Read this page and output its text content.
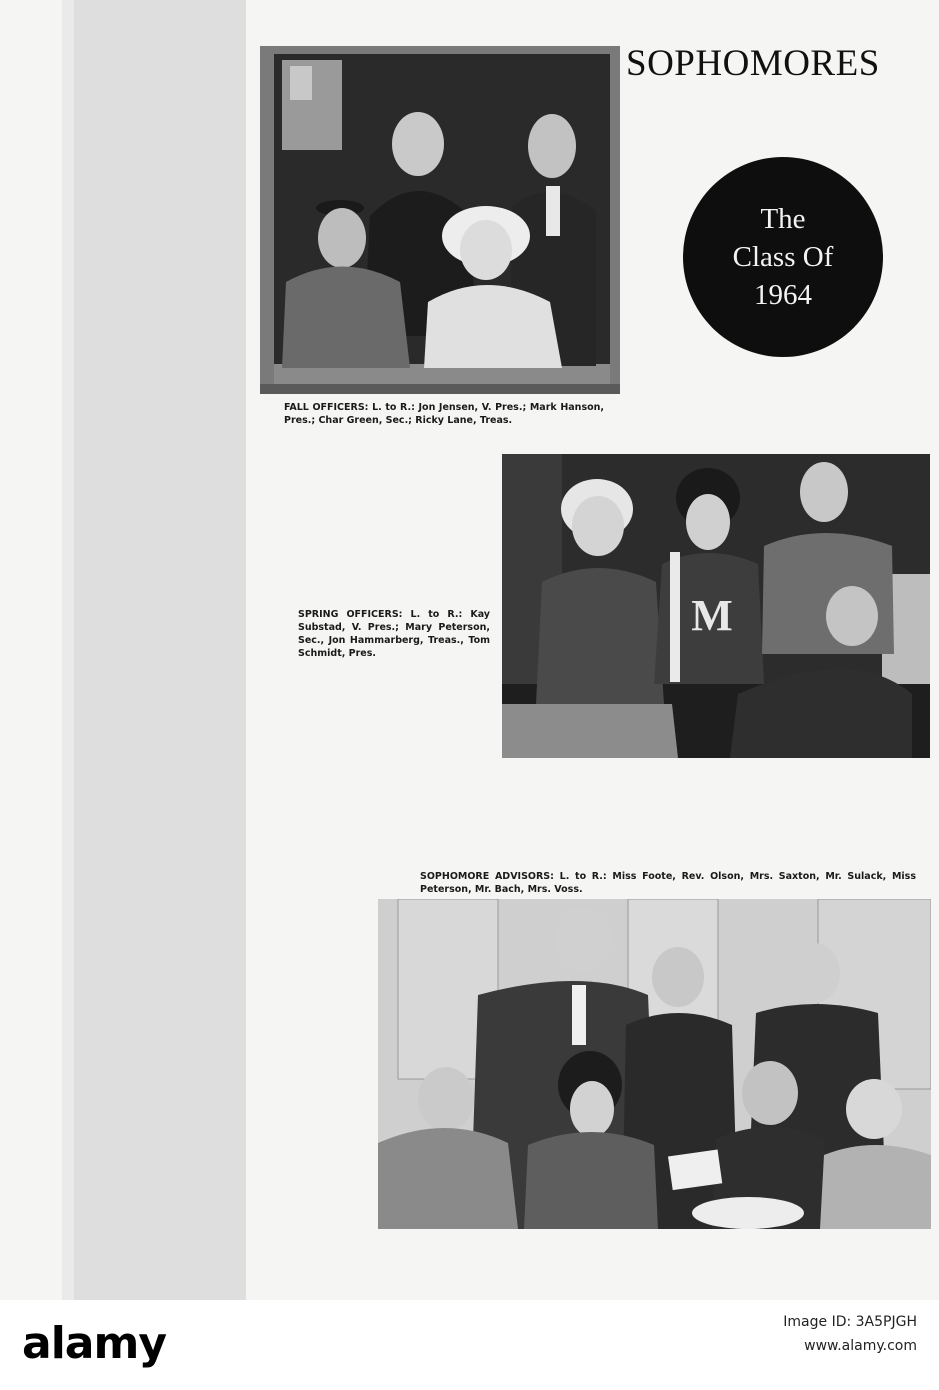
SOPHOMORES
The
Class Of
1964
FALL OFFICERS: L. to R.: Jon Jensen, V. Pres.; Mark Hanson, Pres.; Char Green, Sec.; Ricky Lane, Treas.
M
SPRING OFFICERS: L. to R.: Kay Substad, V. Pres.; Mary Peterson, Sec., Jon Hammarberg, Treas., Tom Schmidt, Pres.
SOPHOMORE ADVISORS: L. to R.: Miss Foote, Rev. Olson, Mrs. Saxton, Mr. Sulack, Miss Peterson, Mr. Bach, Mrs. Voss.
alamy	Image ID: 3A5PJGH
www.alamy.com
